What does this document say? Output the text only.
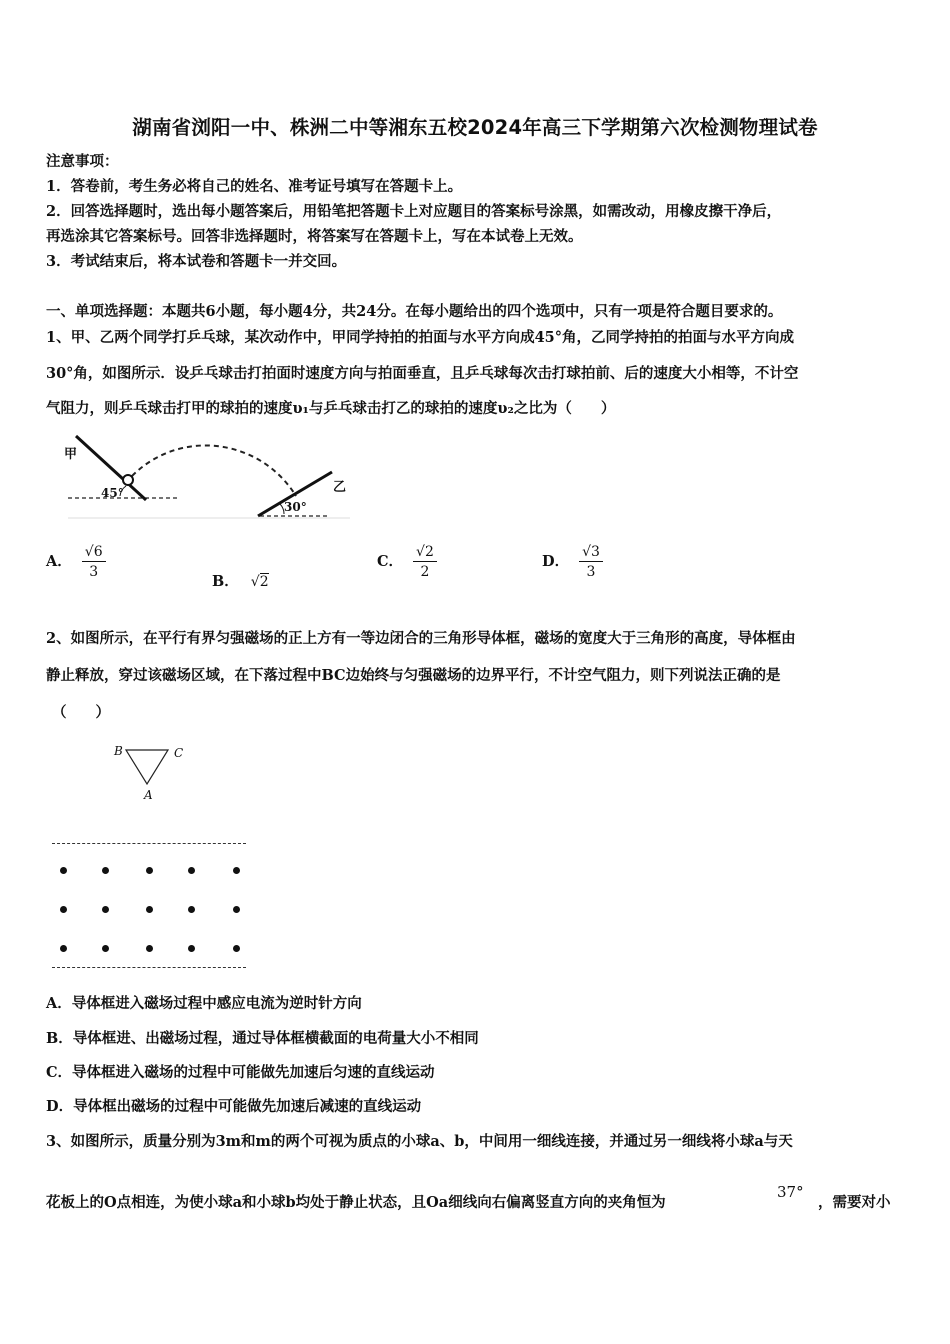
湖南省浏阳一中、株洲二中等湘东五校2024年高三下学期第六次检测物理试卷
注意事项：
1．答卷前，考生务必将自己的姓名、准考证号填写在答题卡上。
2．回答选择题时，选出每小题答案后，用铅笔把答题卡上对应题目的答案标号涂黑，如需改动，用橡皮擦干净后，
再选涂其它答案标号。回答非选择题时，将答案写在答题卡上，写在本试卷上无效。
3．考试结束后，将本试卷和答题卡一并交回。
一、单项选择题：本题共6小题，每小题4分，共24分。在每小题给出的四个选项中，只有一项是符合题目要求的。
1、甲、乙两个同学打乒乓球，某次动作中，甲同学持拍的拍面与水平方向成45°角，乙同学持拍的拍面与水平方向成
30°角，如图所示．设乒乓球击打拍面时速度方向与拍面垂直，且乒乓球每次击打球拍前、后的速度大小相等，不计空
气阻力，则乒乓球击打甲的球拍的速度υ₁与乒乓球击打乙的球拍的速度υ₂之比为（　　）
甲
乙
45°
30°
A． $\frac{√6}{3}$
B． √2
C． $\frac{√2}{2}$	D． $\frac{√3}{3}$
2、如图所示，在平行有界匀强磁场的正上方有一等边闭合的三角形导体框，磁场的宽度大于三角形的高度，导体框由
静止释放，穿过该磁场区域，在下落过程中BC边始终与匀强磁场的边界平行，不计空气阻力，则下列说法正确的是
（　　）
B	C
A
A．导体框进入磁场过程中感应电流为逆时针方向
B．导体框进、出磁场过程，通过导体框横截面的电荷量大小不相同
C．导体框进入磁场的过程中可能做先加速后匀速的直线运动
D．导体框出磁场的过程中可能做先加速后减速的直线运动
3、如图所示，质量分别为3m和m的两个可视为质点的小球a、b，中间用一细线连接，并通过另一细线将小球a与天
花板上的O点相连，为使小球a和小球b均处于静止状态，且Oa细线向右偏离竖直方向的夹角恒为
37°
，需要对小
